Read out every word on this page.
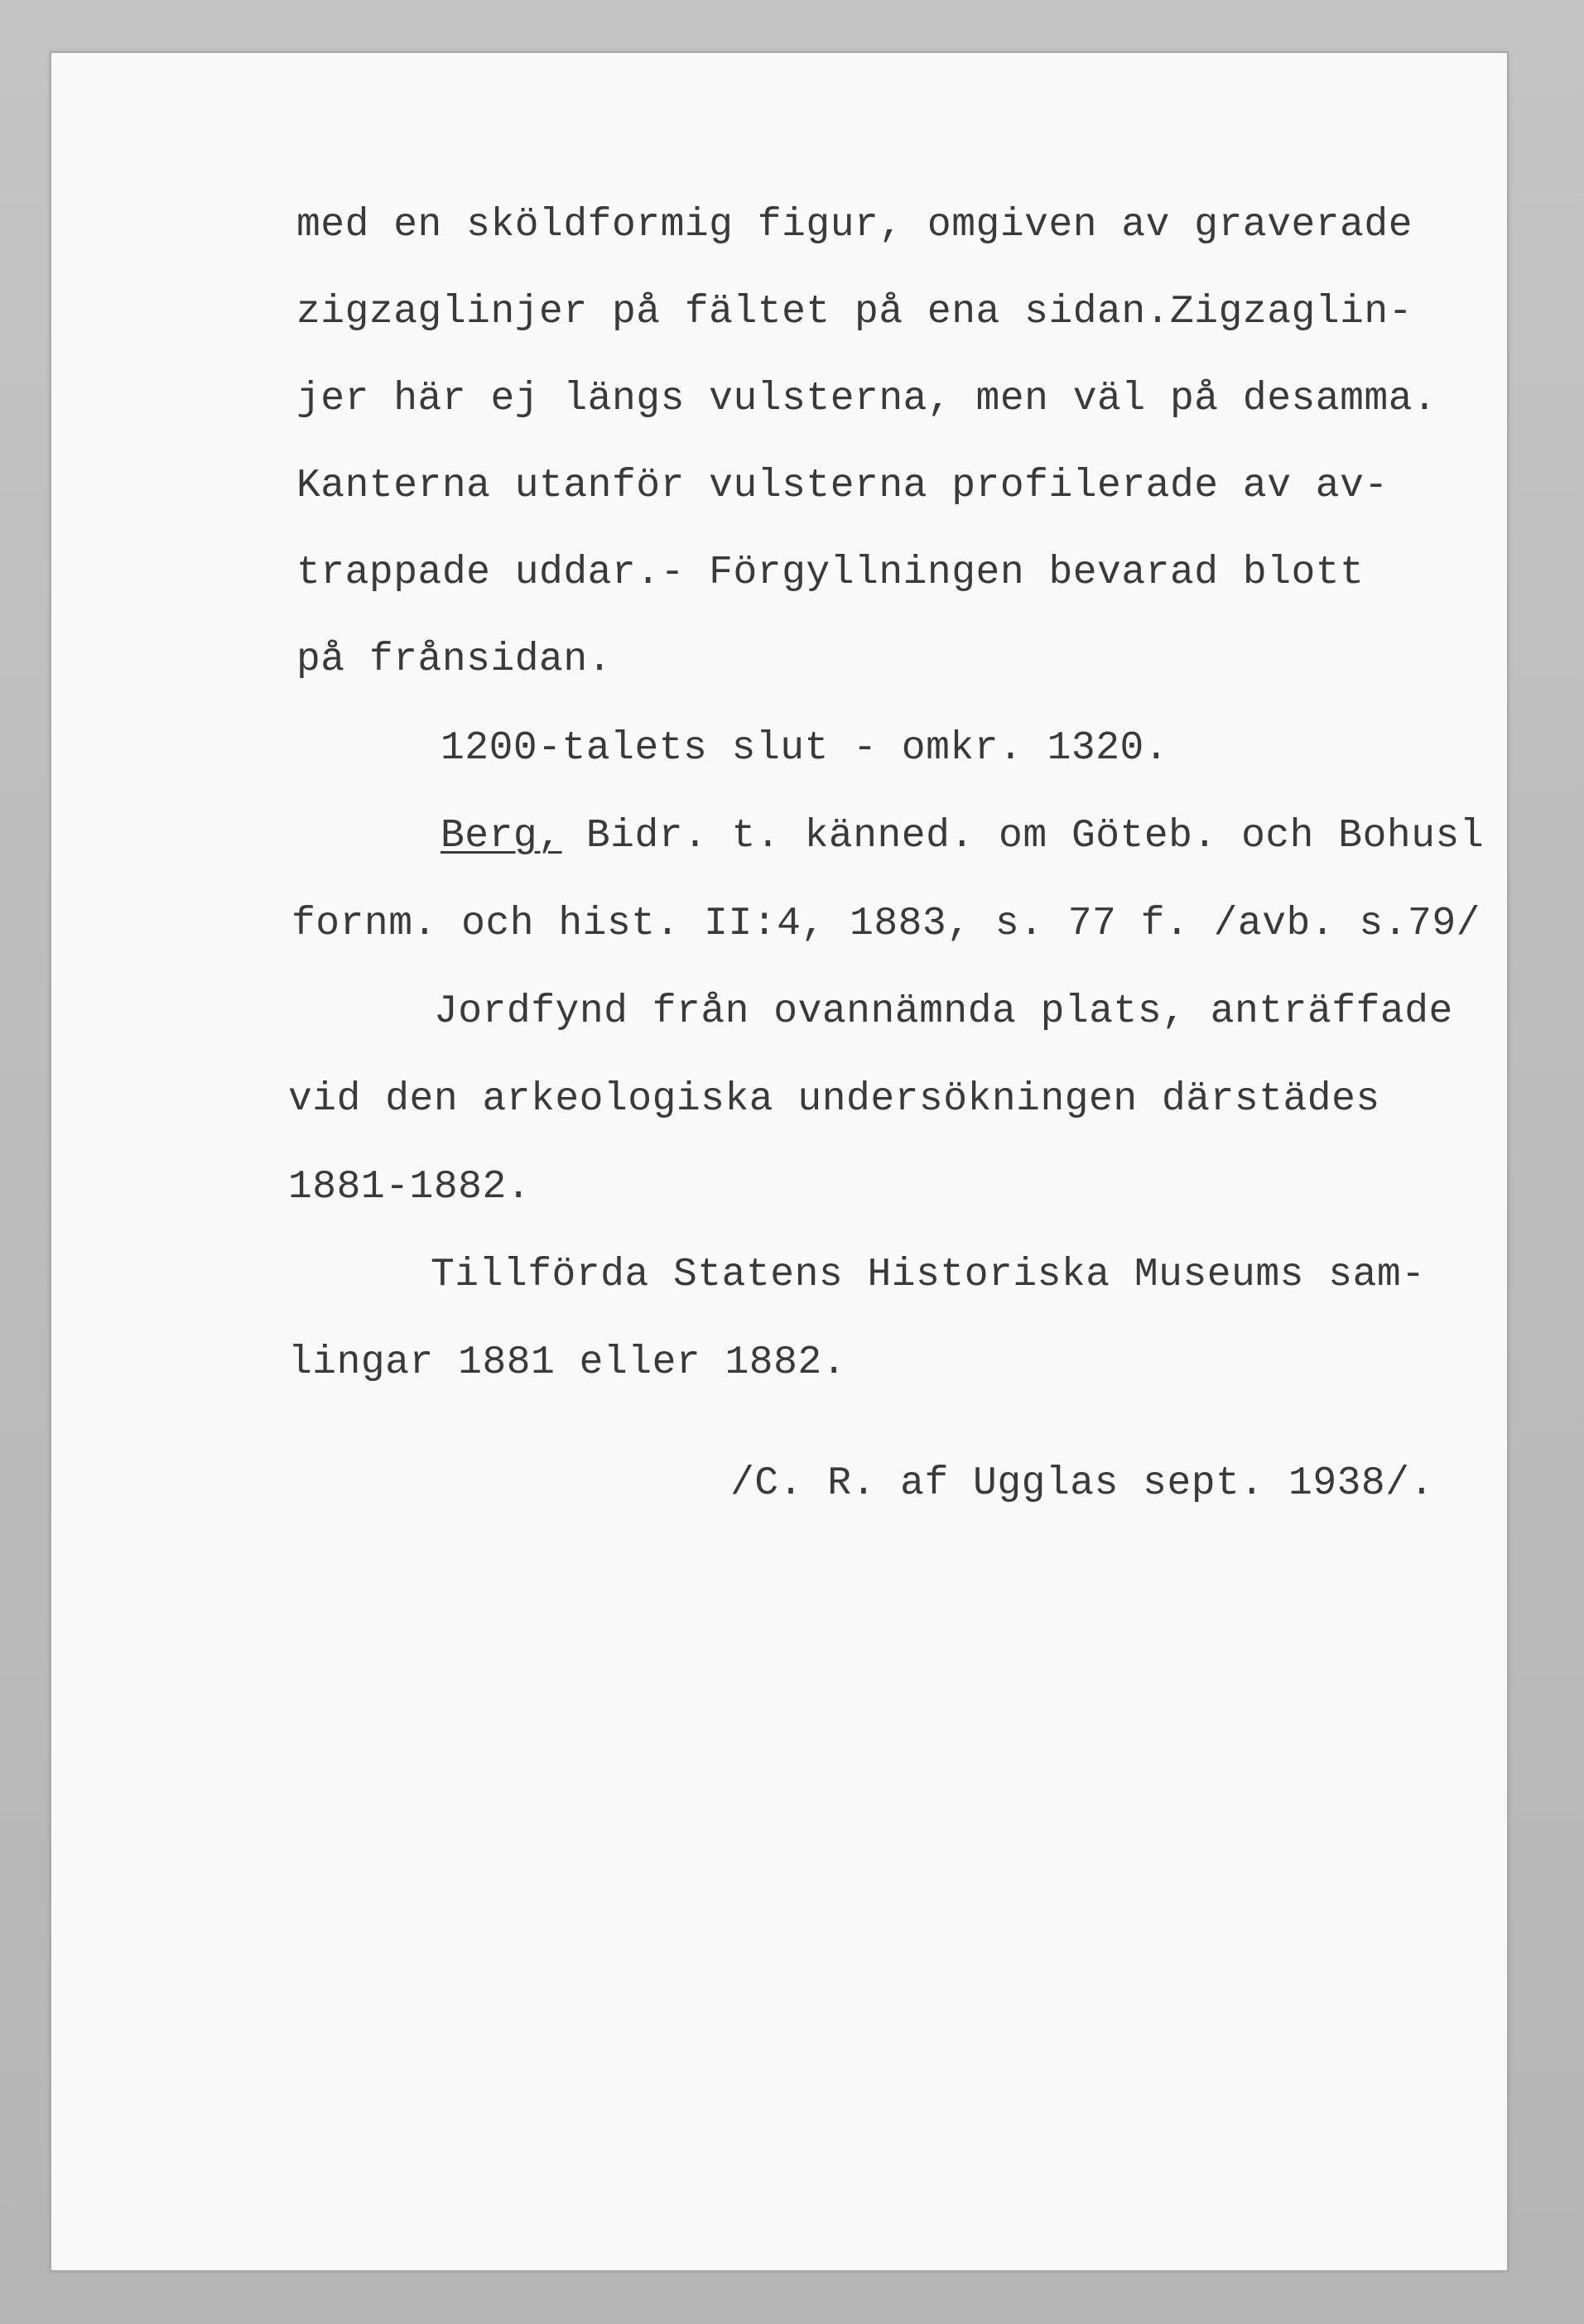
med en sköldformig figur, omgiven av graverade

zigzaglinjer på fältet på ena sidan.Zigzaglin-

jer här ej längs vulsterna, men väl på desamma.

Kanterna utanför vulsterna profilerade av av-

trappade uddar.- Förgyllningen bevarad blott

på frånsidan.

1200-talets slut - omkr. 1320.

Berg, Bidr. t. känned. om Göteb. och Bohusl

fornm. och hist. II:4, 1883, s. 77 f. /avb. s.79/

Jordfynd från ovannämnda plats, anträffade

vid den arkeologiska undersökningen därstädes

1881-1882.

Tillförda Statens Historiska Museums sam-

lingar 1881 eller 1882.

/C. R. af Ugglas sept. 1938/.
